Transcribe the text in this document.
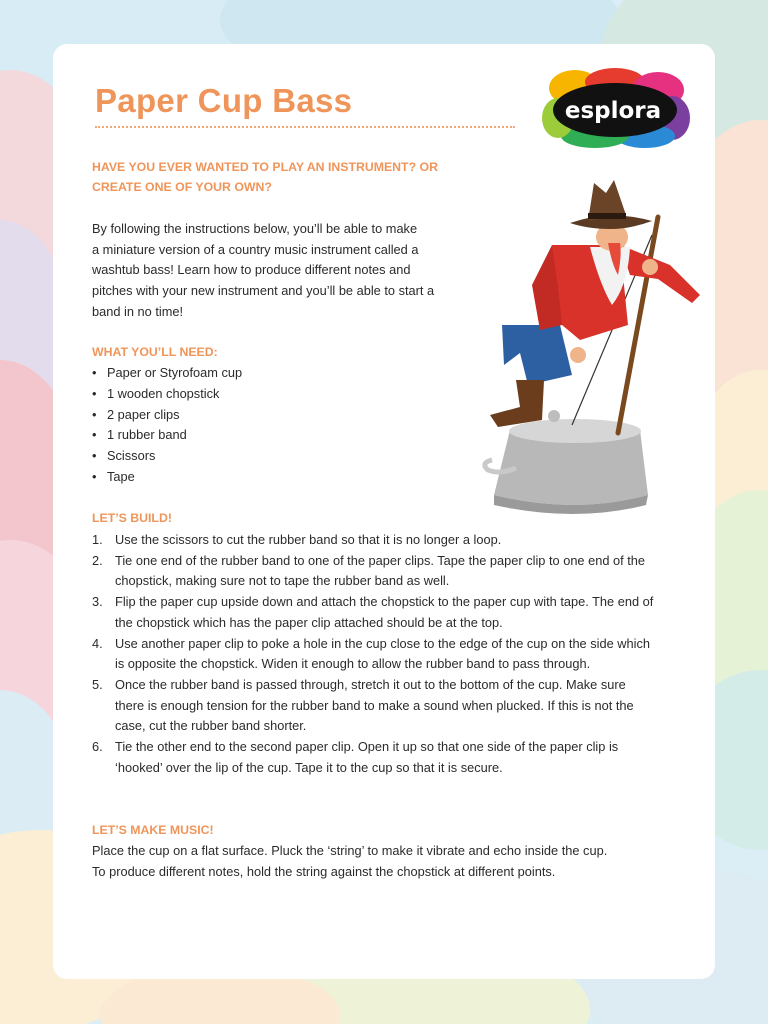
Paper Cup Bass	esplora

HAVE YOU EVER WANTED TO PLAY AN INSTRUMENT? OR

CREATE ONE OF YOUR OWN?

By following the instructions below, you’ll be able to make

a miniature version of a country music instrument called a

washtub bass! Learn how to produce different notes and

pitches with your new instrument and you’ll be able to start a

band in no time!

WHAT YOU’LL NEED:

• Paper or Styrofoam cup
• 1 wooden chopstick
• 2 paper clips
• 1 rubber band
• Scissors
• Tape

LET’S BUILD!

1. Use the scissors to cut the rubber band so that it is no longer a loop.
2. Tie one end of the rubber band to one of the paper clips. Tape the paper clip to one end of the chopstick, making sure not to tape the rubber band as well.
3. Flip the paper cup upside down and attach the chopstick to the paper cup with tape. The end of the chopstick which has the paper clip attached should be at the top.
4. Use another paper clip to poke a hole in the cup close to the edge of the cup on the side which is opposite the chopstick. Widen it enough to allow the rubber band to pass through.
5. Once the rubber band is passed through, stretch it out to the bottom of the cup. Make sure there is enough tension for the rubber band to make a sound when plucked. If this is not the case, cut the rubber band shorter.
6. Tie the other end to the second paper clip. Open it up so that one side of the paper clip is ‘hooked’ over the lip of the cup. Tape it to the cup so that it is secure.

LET’S MAKE MUSIC!

Place the cup on a flat surface. Pluck the ‘string’ to make it vibrate and echo inside the cup.

To produce different notes, hold the string against the chopstick at different points.
